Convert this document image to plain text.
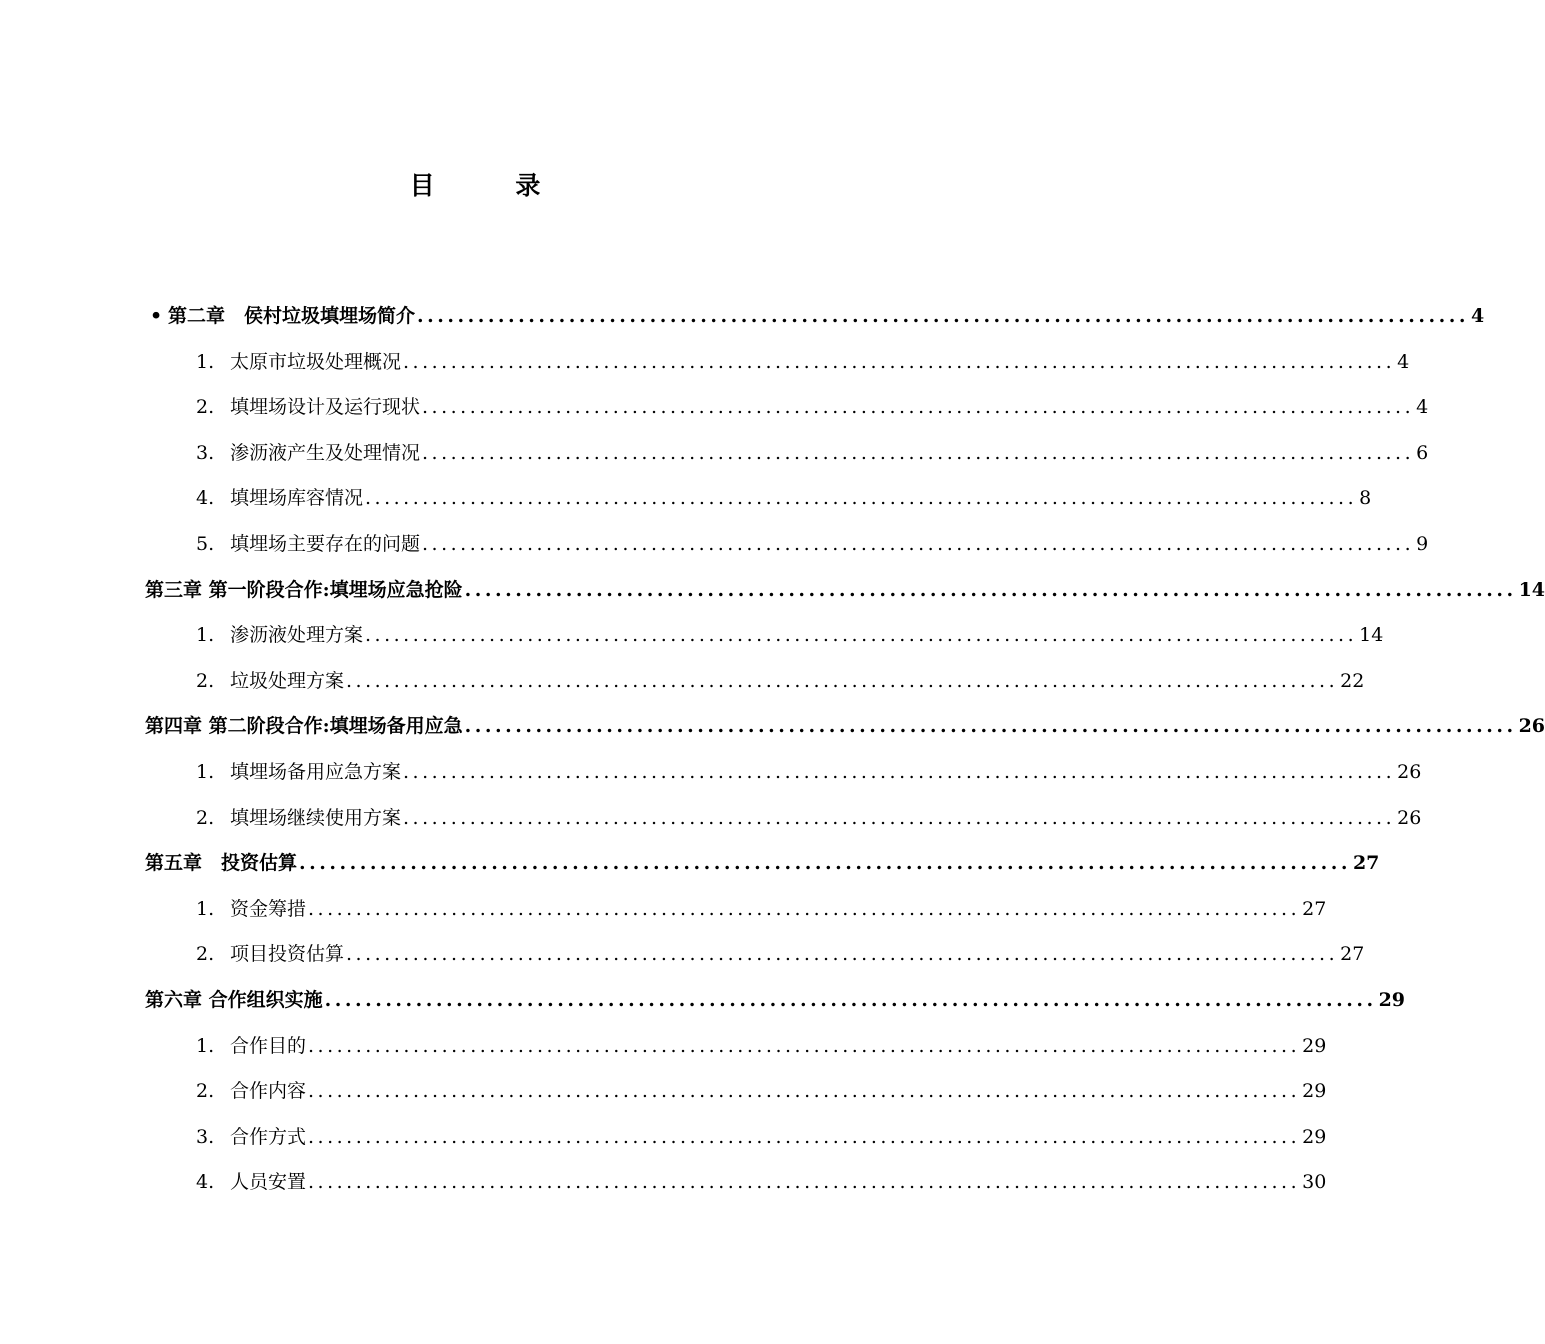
目 录
• 第二章　侯村垃圾填埋场简介 ........................................................................................................ 4
1. 太原市垃圾处理概况 ........................................................................................................ 4
2. 填埋场设计及运行现状 ........................................................................................................ 4
3. 渗沥液产生及处理情况 ........................................................................................................ 6
4. 填埋场库容情况 ........................................................................................................ 8
5. 填埋场主要存在的问题 ........................................................................................................ 9
第三章 第一阶段合作:填埋场应急抢险 ........................................................................................................ 14
1. 渗沥液处理方案 ........................................................................................................ 14
2. 垃圾处理方案 ........................................................................................................ 22
第四章 第二阶段合作:填埋场备用应急 ........................................................................................................ 26
1. 填埋场备用应急方案 ........................................................................................................ 26
2. 填埋场继续使用方案 ........................................................................................................ 26
第五章　投资估算 ........................................................................................................ 27
1. 资金筹措 ........................................................................................................ 27
2. 项目投资估算 ........................................................................................................ 27
第六章 合作组织实施 ........................................................................................................ 29
1. 合作目的 ........................................................................................................ 29
2. 合作内容 ........................................................................................................ 29
3. 合作方式 ........................................................................................................ 29
4. 人员安置 ........................................................................................................ 30
